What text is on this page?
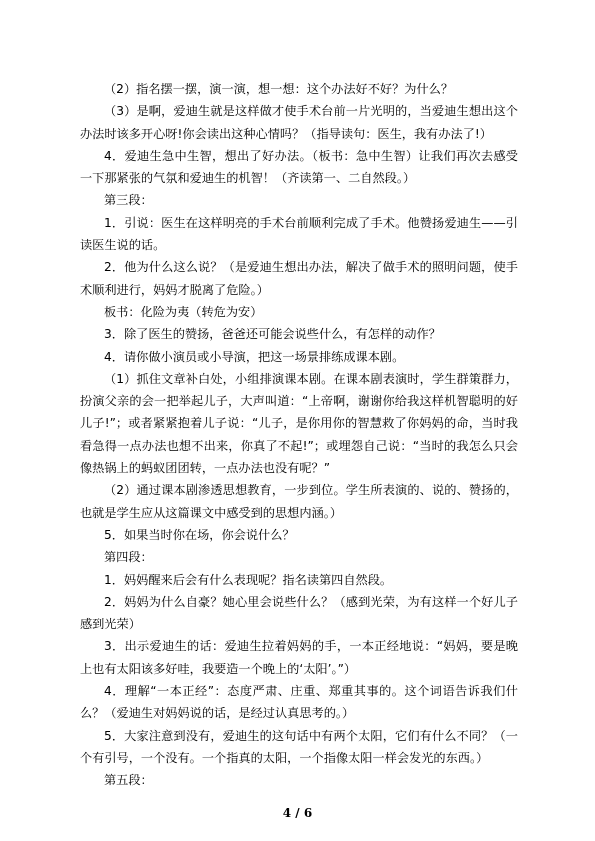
（2）指名摆一摆，演一演，想一想：这个办法好不好？为什么？

（3）是啊，爱迪生就是这样做才使手术台前一片光明的，当爱迪生想出这个办法时该多开心呀!你会读出这种心情吗？（指导读句：医生，我有办法了!）

4．爱迪生急中生智，想出了好办法。（板书：急中生智）让我们再次去感受一下那紧张的气氛和爱迪生的机智！（齐读第一、二自然段。）

第三段：

1．引说：医生在这样明亮的手术台前顺利完成了手术。他赞扬爱迪生——引读医生说的话。

2．他为什么这么说？（是爱迪生想出办法，解决了做手术的照明问题，使手术顺利进行，妈妈才脱离了危险。）

板书：化险为夷（转危为安）

3．除了医生的赞扬，爸爸还可能会说些什么，有怎样的动作？

4．请你做小演员或小导演，把这一场景排练成课本剧。

（1）抓住文章补白处，小组排演课本剧。在课本剧表演时，学生群策群力，扮演父亲的会一把举起儿子，大声叫道：“上帝啊，谢谢你给我这样机智聪明的好儿子!”；或者紧紧抱着儿子说：“儿子，是你用你的智慧救了你妈妈的命，当时我看急得一点办法也想不出来，你真了不起!”；或埋怨自己说：“当时的我怎么只会像热锅上的蚂蚁团团转，一点办法也没有呢？”

（2）通过课本剧渗透思想教育，一步到位。学生所表演的、说的、赞扬的，也就是学生应从这篇课文中感受到的思想内涵。）

5．如果当时你在场，你会说什么？

第四段：

1．妈妈醒来后会有什么表现呢？指名读第四自然段。

2．妈妈为什么自豪？她心里会说些什么？（感到光荣，为有这样一个好儿子感到光荣）

3．出示爱迪生的话：爱迪生拉着妈妈的手，一本正经地说：“妈妈，要是晚上也有太阳该多好哇，我要造一个晚上的‘太阳’。”）

4．理解“一本正经”：态度严肃、庄重、郑重其事的。这个词语告诉我们什么？（爱迪生对妈妈说的话，是经过认真思考的。）

5．大家注意到没有，爱迪生的这句话中有两个太阳，它们有什么不同？（一个有引号，一个没有。一个指真的太阳，一个指像太阳一样会发光的东西。）

第五段：

4 / 6
